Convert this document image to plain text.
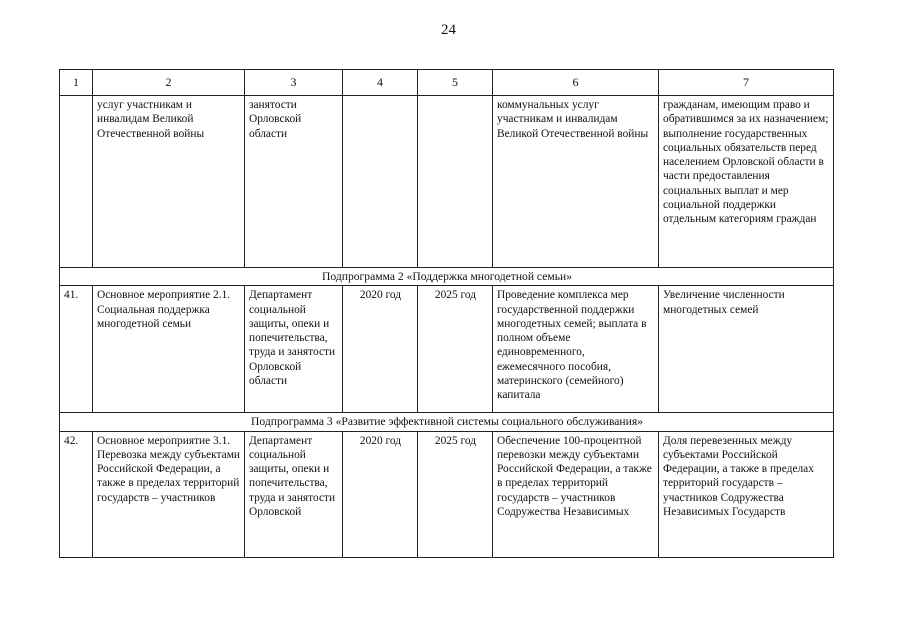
24
1	2	3	4	5	6	7
	услуг участникам и инвалидам Великой Отечественной войны	занятости Орловской области			коммунальных услуг участникам и инвалидам Великой Отечественной войны	гражданам, имеющим право и обратившимся за их назначением; выполнение государственных социальных обязательств перед населением Орловской области в части предоставления социальных выплат и мер социальной поддержки отдельным категориям граждан
Подпрограмма 2 «Поддержка многодетной семьи»						
41.	Основное мероприятие 2.1. Социальная поддержка многодетной семьи	Департамент социальной защиты, опеки и попечительства, труда и занятости Орловской области	2020 год	2025 год	Проведение комплекса мер государственной поддержки многодетных семей; выплата в полном объеме единовременного, ежемесячного пособия, материнского (семейного) капитала	Увеличение численности многодетных семей
Подпрограмма 3 «Развитие эффективной системы социального обслуживания»						
42.	Основное мероприятие 3.1. Перевозка между субъектами Российской Федерации, а также в пределах территорий государств – участников	Департамент социальной защиты, опеки и попечительства, труда и занятости Орловской	2020 год	2025 год	Обеспечение 100-процентной перевозки между субъектами Российской Федерации, а также в пределах территорий государств – участников Содружества Независимых	Доля перевезенных между субъектами Российской Федерации, а также в пределах территорий государств – участников Содружества Независимых Государств
